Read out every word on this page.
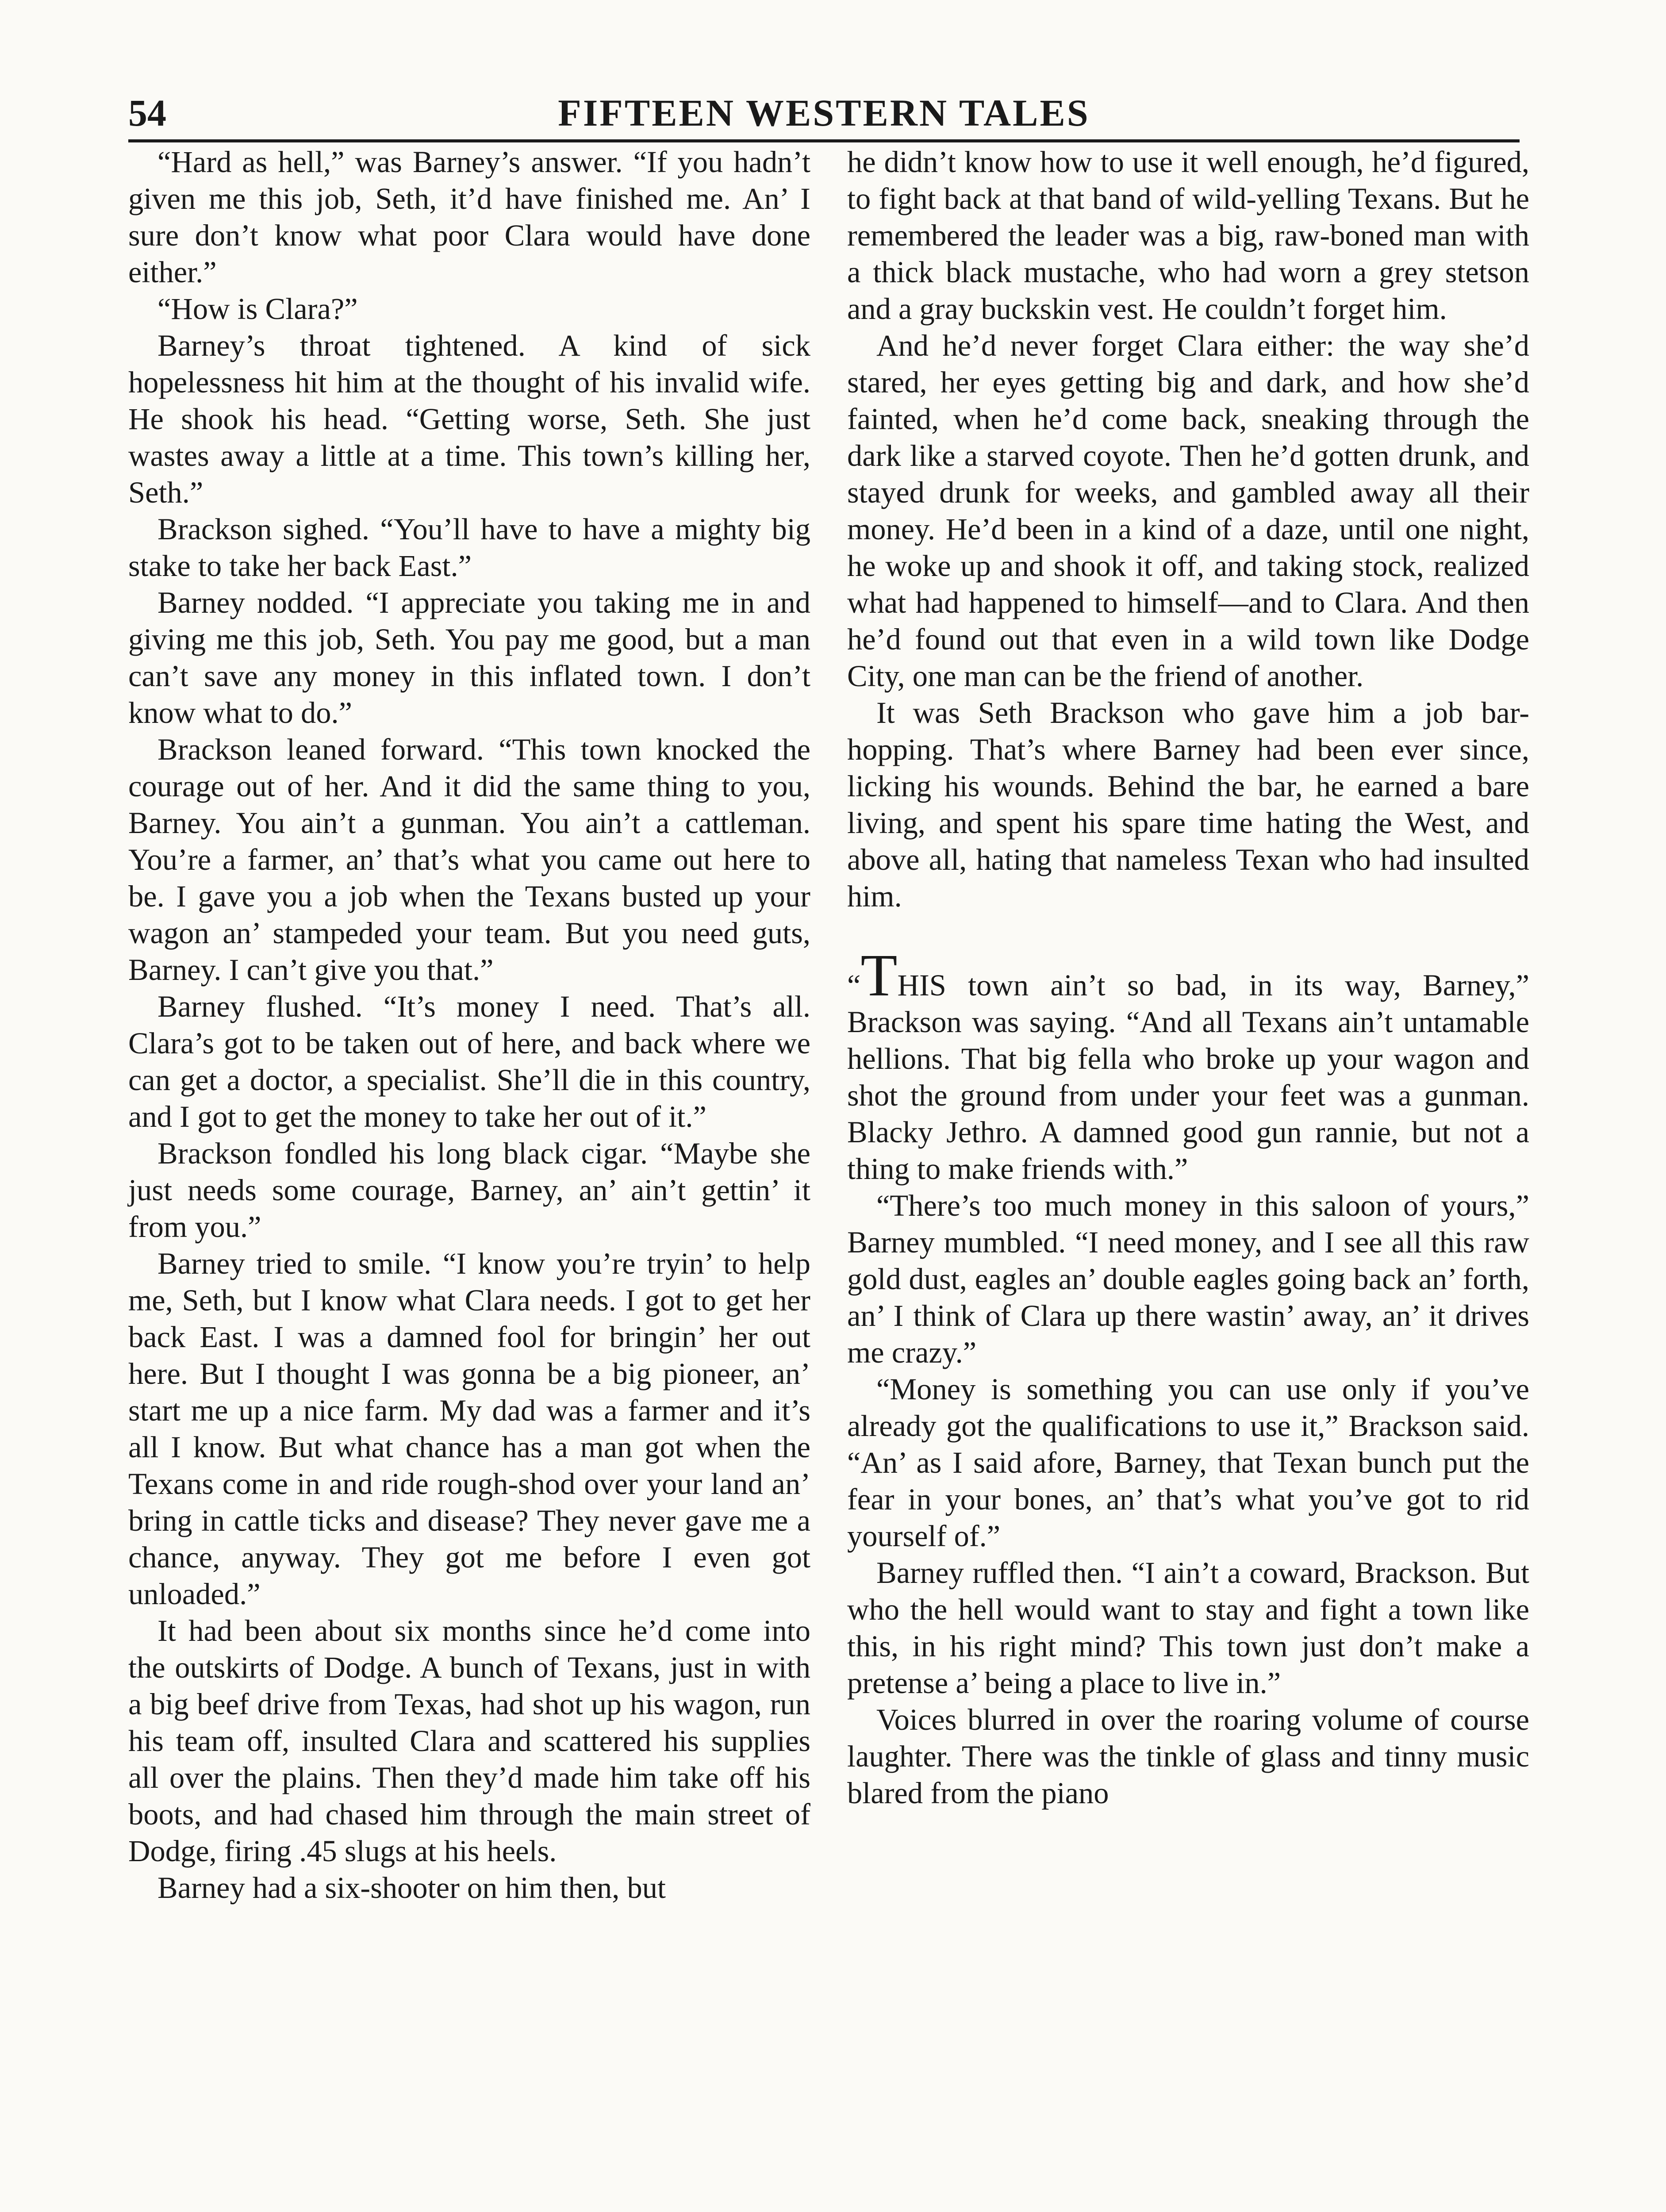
54	FIFTEEN WESTERN TALES

“Hard as hell,” was Barney’s answer. “If you hadn’t given me this job, Seth, it’d have finished me. An’ I sure don’t know what poor Clara would have done either.”

“How is Clara?”

Barney’s throat tightened. A kind of sick hopelessness hit him at the thought of his invalid wife. He shook his head. “Getting worse, Seth. She just wastes away a little at a time. This town’s killing her, Seth.”

Brackson sighed. “You’ll have to have a mighty big stake to take her back East.”

Barney nodded. “I appreciate you taking me in and giving me this job, Seth. You pay me good, but a man can’t save any money in this inflated town. I don’t know what to do.”

Brackson leaned forward. “This town knocked the courage out of her. And it did the same thing to you, Barney. You ain’t a gunman. You ain’t a cattleman. You’re a farmer, an’ that’s what you came out here to be. I gave you a job when the Texans busted up your wagon an’ stampeded your team. But you need guts, Barney. I can’t give you that.”

Barney flushed. “It’s money I need. That’s all. Clara’s got to be taken out of here, and back where we can get a doctor, a specialist. She’ll die in this country, and I got to get the money to take her out of it.”

Brackson fondled his long black cigar. “Maybe she just needs some courage, Barney, an’ ain’t gettin’ it from you.”

Barney tried to smile. “I know you’re tryin’ to help me, Seth, but I know what Clara needs. I got to get her back East. I was a damned fool for bringin’ her out here. But I thought I was gonna be a big pioneer, an’ start me up a nice farm. My dad was a farmer and it’s all I know. But what chance has a man got when the Texans come in and ride rough-shod over your land an’ bring in cattle ticks and disease? They never gave me a chance, anyway. They got me before I even got unloaded.”

It had been about six months since he’d come into the outskirts of Dodge. A bunch of Texans, just in with a big beef drive from Texas, had shot up his wagon, run his team off, insulted Clara and scattered his supplies all over the plains. Then they’d made him take off his boots, and had chased him through the main street of Dodge, firing .45 slugs at his heels.

Barney had a six-shooter on him then, but

he didn’t know how to use it well enough, he’d figured, to fight back at that band of wild-yelling Texans. But he remembered the leader was a big, raw-boned man with a thick black mustache, who had worn a grey stetson and a gray buckskin vest. He couldn’t forget him.

And he’d never forget Clara either: the way she’d stared, her eyes getting big and dark, and how she’d fainted, when he’d come back, sneaking through the dark like a starved coyote. Then he’d gotten drunk, and stayed drunk for weeks, and gambled away all their money. He’d been in a kind of a daze, until one night, he woke up and shook it off, and taking stock, realized what had happened to himself—and to Clara. And then he’d found out that even in a wild town like Dodge City, one man can be the friend of another.

It was Seth Brackson who gave him a job bar-hopping. That’s where Barney had been ever since, licking his wounds. Behind the bar, he earned a bare living, and spent his spare time hating the West, and above all, hating that nameless Texan who had insulted him.

“THIS town ain’t so bad, in its way, Barney,” Brackson was saying. “And all Texans ain’t untamable hellions. That big fella who broke up your wagon and shot the ground from under your feet was a gunman. Blacky Jethro. A damned good gun rannie, but not a thing to make friends with.”

“There’s too much money in this saloon of yours,” Barney mumbled. “I need money, and I see all this raw gold dust, eagles an’ double eagles going back an’ forth, an’ I think of Clara up there wastin’ away, an’ it drives me crazy.”

“Money is something you can use only if you’ve already got the qualifications to use it,” Brackson said. “An’ as I said afore, Barney, that Texan bunch put the fear in your bones, an’ that’s what you’ve got to rid yourself of.”

Barney ruffled then. “I ain’t a coward, Brackson. But who the hell would want to stay and fight a town like this, in his right mind? This town just don’t make a pretense a’ being a place to live in.”

Voices blurred in over the roaring volume of course laughter. There was the tinkle of glass and tinny music blared from the piano
